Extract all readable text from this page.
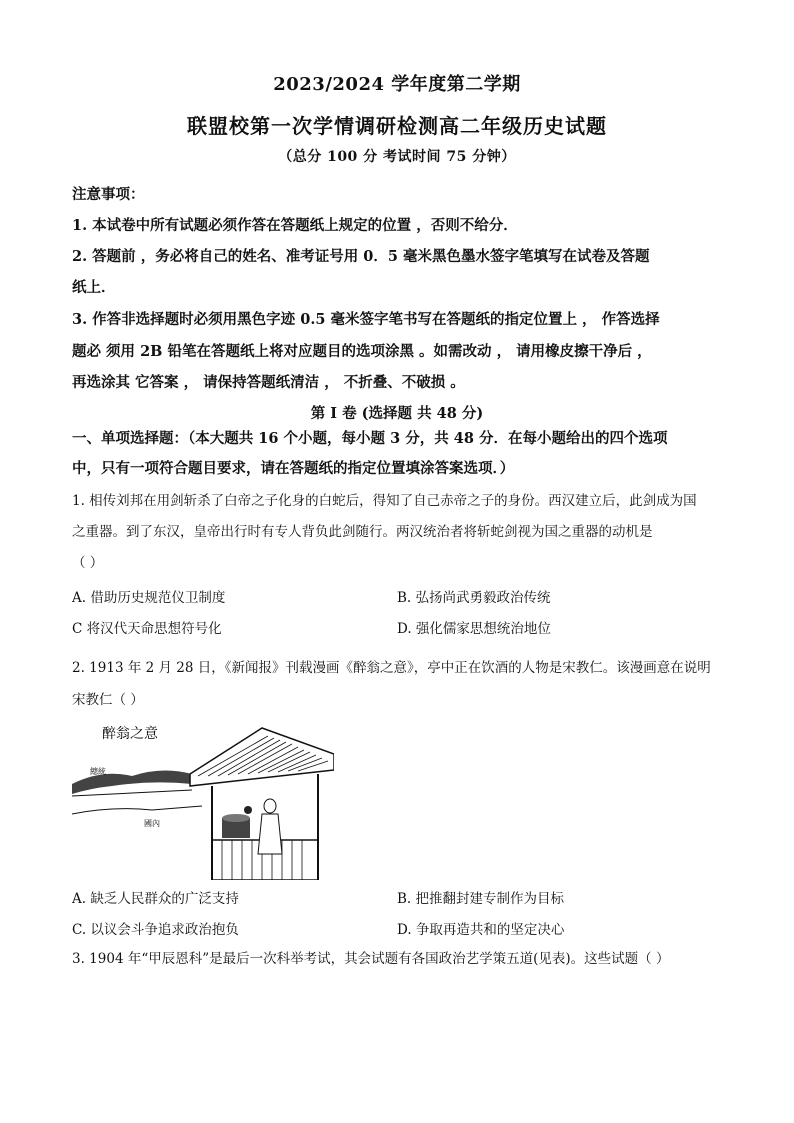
2023/2024 学年度第二学期
联盟校第一次学情调研检测高二年级历史试题
（总分 100 分 考试时间 75 分钟）
注意事项：
1. 本试卷中所有试题必须作答在答题纸上规定的位置 ，否则不给分．
2. 答题前 ，务必将自己的姓名、准考证号用 0．5 毫米黑色墨水签字笔填写在试卷及答题
纸上．
3. 作答非选择题时必须用黑色字迹 0.5 毫米签字笔书写在答题纸的指定位置上 ， 作答选择
题必 须用 2B 铅笔在答题纸上将对应题目的选项涂黑 。如需改动 ， 请用橡皮擦干净后 ，
再选涂其 它答案 ， 请保持答题纸清洁 ， 不折叠、不破损 。
第 I 卷 (选择题 共 48 分)
一、单项选择题：（本大题共 16 个小题，每小题 3 分，共 48 分．在每小题给出的四个选项
中，只有一项符合题目要求，请在答题纸的指定位置填涂答案选项．）
1. 相传刘邦在用剑斩杀了白帝之子化身的白蛇后，得知了自己赤帝之子的身份。西汉建立后，此剑成为国
之重器。到了东汉，皇帝出行时有专人背负此剑随行。两汉统治者将斩蛇剑视为国之重器的动机是
（ ）
A. 借助历史规范仪卫制度	B. 弘扬尚武勇毅政治传统
C 将汉代天命思想符号化	D. 强化儒家思想统治地位
2. 1913 年 2 月 28 日，《新闻报》刊载漫画《醉翁之意》，亭中正在饮酒的人物是宋教仁。该漫画意在说明
宋教仁（ ）
醉翁之意
總統
國內
A. 缺乏人民群众的广泛支持	B. 把推翻封建专制作为目标
C. 以议会斗争追求政治抱负	D. 争取再造共和的坚定决心
3. 1904 年“甲辰恩科”是最后一次科举考试，其会试题有各国政治艺学策五道(见表)。这些试题（ ）
